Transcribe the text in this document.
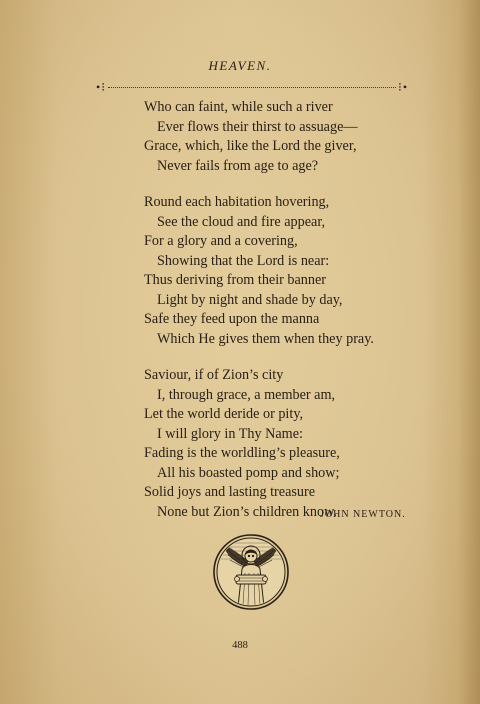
HEAVEN.
•⁝	⁝•
Who can faint, while such a river
Ever flows their thirst to assuage—
Grace, which, like the Lord the giver,
Never fails from age to age?
Round each habitation hovering,
See the cloud and fire appear,
For a glory and a covering,
Showing that the Lord is near:
Thus deriving from their banner
Light by night and shade by day,
Safe they feed upon the manna
Which He gives them when they pray.
Saviour, if of Zion’s city
I, through grace, a member am,
Let the world deride or pity,
I will glory in Thy Name:
Fading is the worldling’s pleasure,
All his boasted pomp and show;
Solid joys and lasting treasure
None but Zion’s children know.
JOHN NEWTON.
488
